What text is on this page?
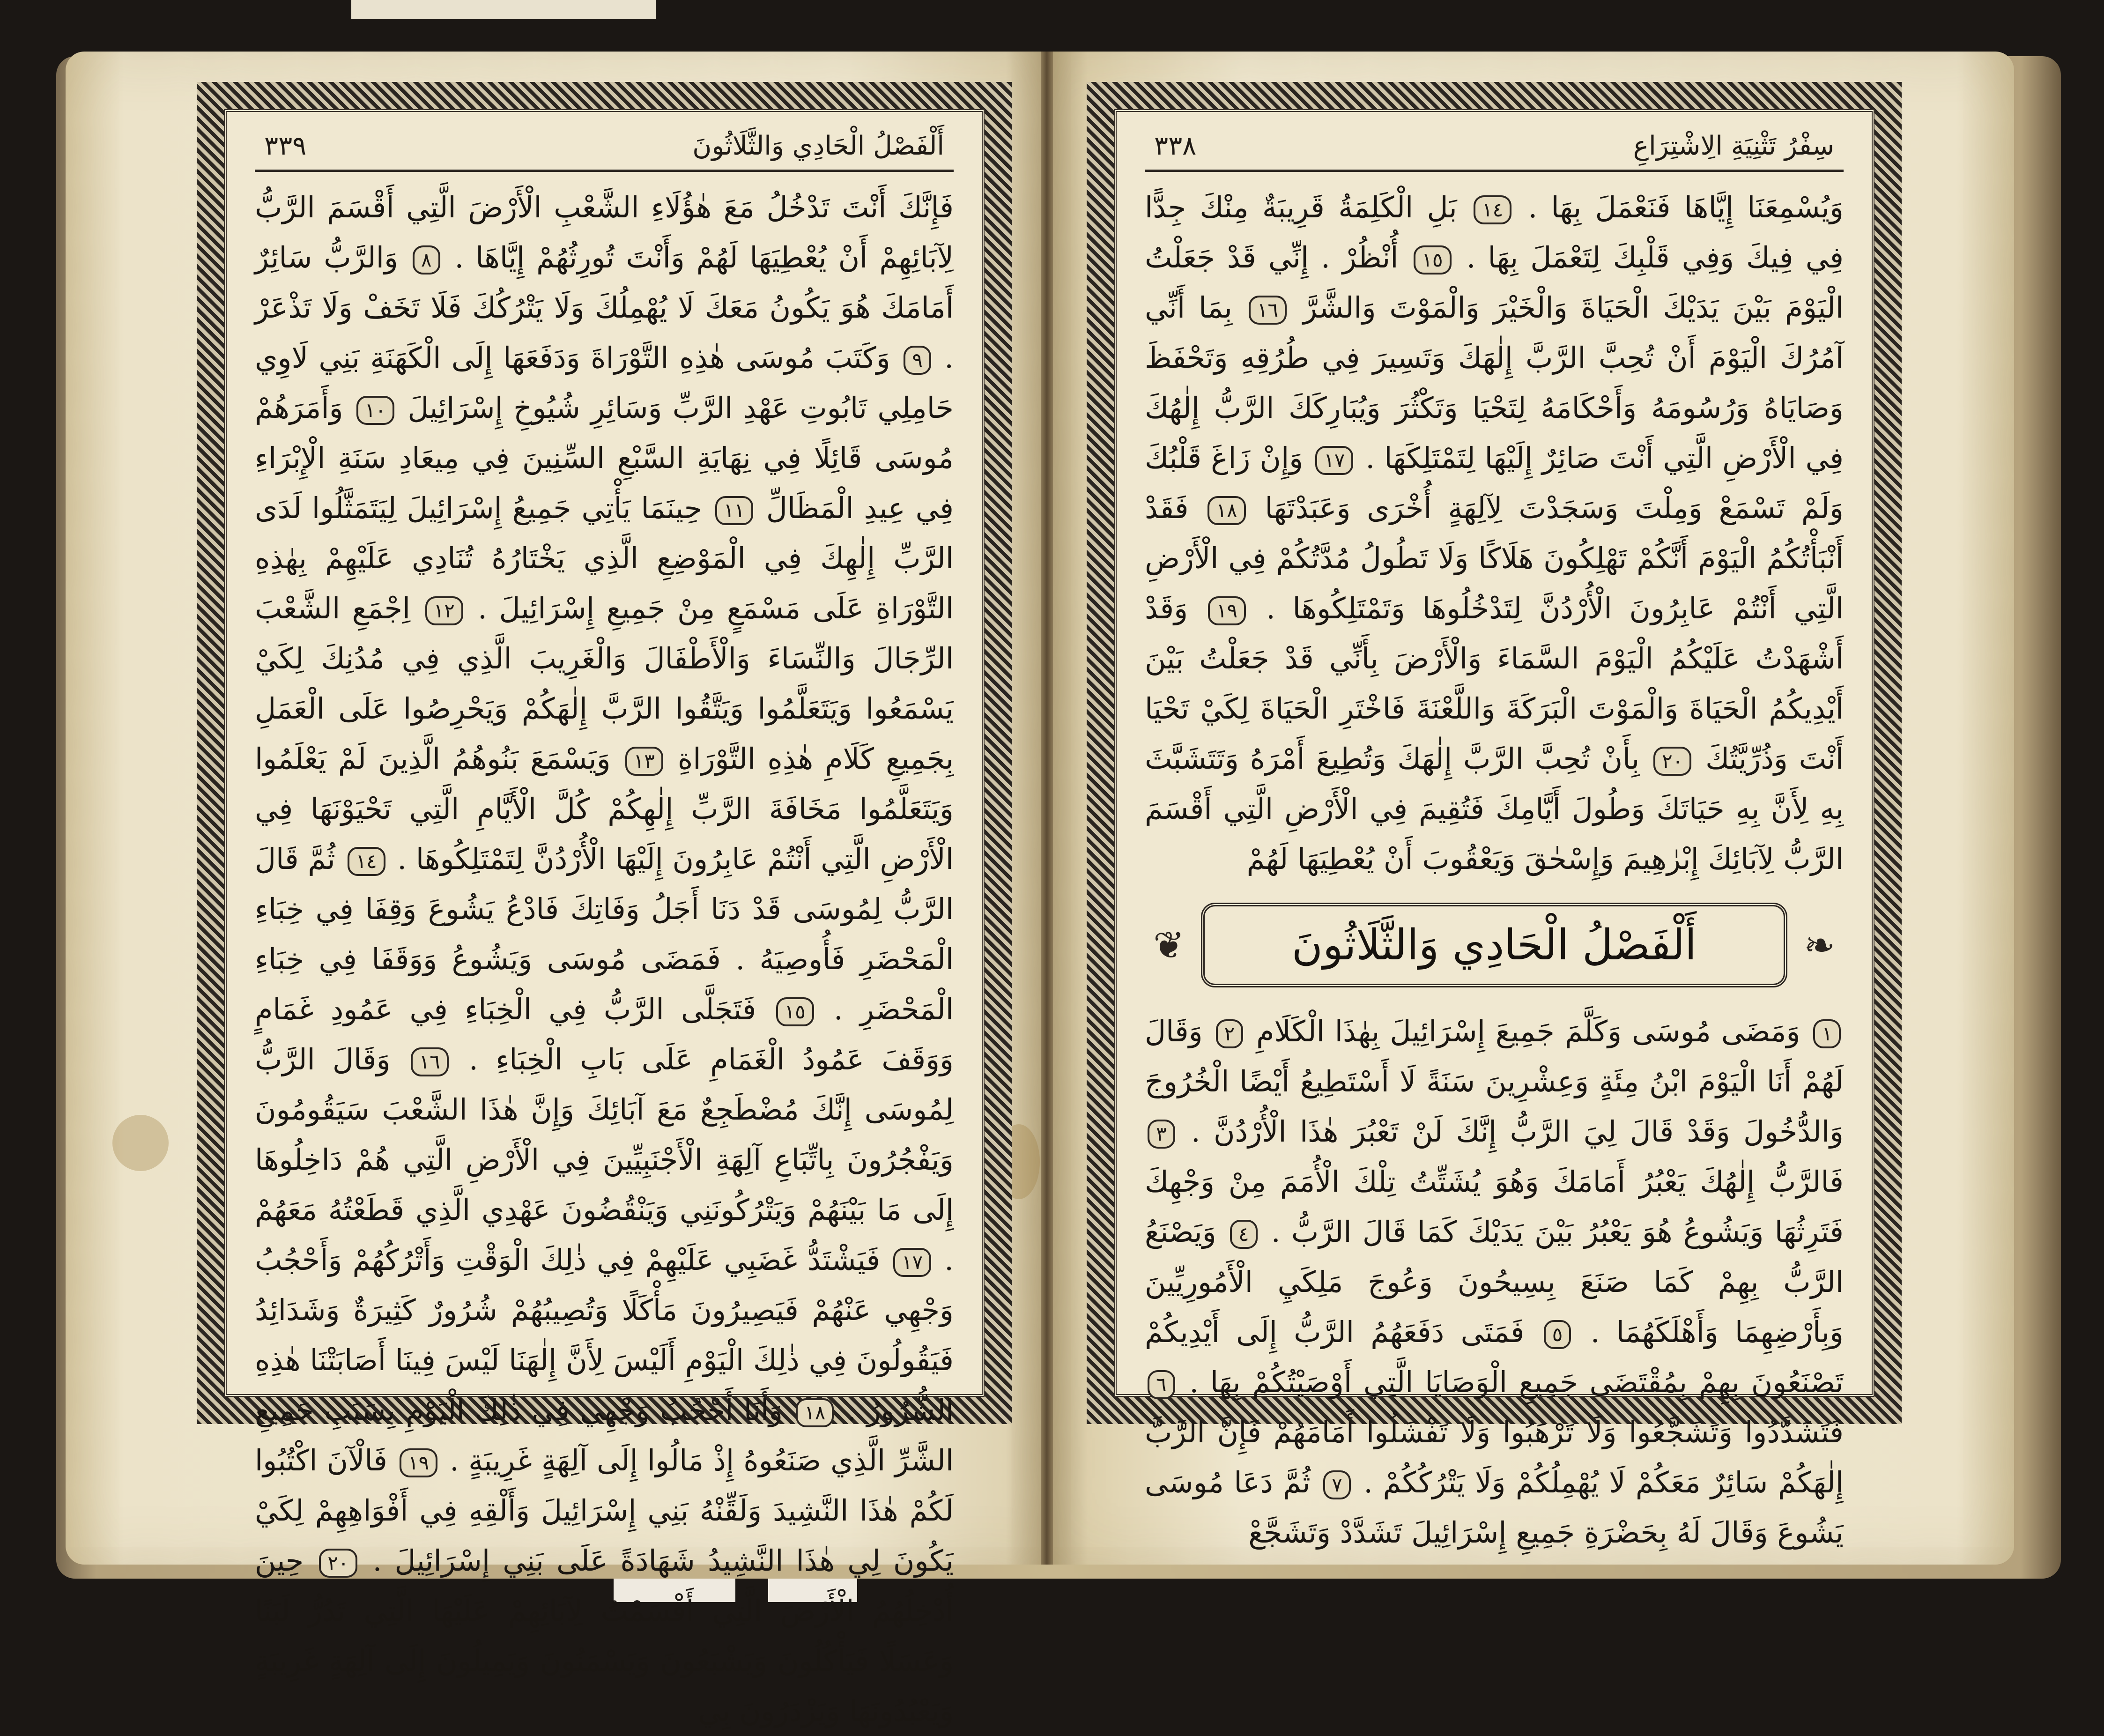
أَلْفَصْلُ الْحَادِي وَالثَّلَاثُونَ
٣٣٩
فَإِنَّكَ أَنْتَ تَدْخُلُ مَعَ هٰؤُلَاءِ الشَّعْبِ الْأَرْضَ الَّتِي أَقْسَمَ الرَّبُّ لِآبَائِهِمْ أَنْ يُعْطِيَهَا لَهُمْ وَأَنْتَ تُورِثُهُمْ إِيَّاهَا . ٨ وَالرَّبُّ سَائِرٌ أَمَامَكَ هُوَ يَكُونُ مَعَكَ لَا يُهْمِلُكَ وَلَا يَتْرُكُكَ فَلَا تَخَفْ وَلَا تَذْعَرْ . ٩ وَكَتَبَ مُوسَى هٰذِهِ التَّوْرَاةَ وَدَفَعَهَا إِلَى الْكَهَنَةِ بَنِي لَاوِي حَامِلِي تَابُوتِ عَهْدِ الرَّبِّ وَسَائِرِ شُيُوخِ إِسْرَائِيلَ ١٠ وَأَمَرَهُمْ مُوسَى قَائِلًا فِي نِهَايَةِ السَّبْعِ السِّنِينَ فِي مِيعَادِ سَنَةِ الْإِبْرَاءِ فِي عِيدِ الْمَظَالِّ ١١ حِينَمَا يَأْتِي جَمِيعُ إِسْرَائِيلَ لِيَتَمَثَّلُوا لَدَى الرَّبِّ إِلٰهِكَ فِي الْمَوْضِعِ الَّذِي يَخْتَارُهُ تُنَادِي عَلَيْهِمْ بِهٰذِهِ التَّوْرَاةِ عَلَى مَسْمَعٍ مِنْ جَمِيعِ إِسْرَائِيلَ . ١٢ اِجْمَعِ الشَّعْبَ الرِّجَالَ وَالنِّسَاءَ وَالْأَطْفَالَ وَالْغَرِيبَ الَّذِي فِي مُدُنِكَ لِكَيْ يَسْمَعُوا وَيَتَعَلَّمُوا وَيَتَّقُوا الرَّبَّ إِلٰهَكُمْ وَيَحْرِصُوا عَلَى الْعَمَلِ بِجَمِيعِ كَلَامِ هٰذِهِ التَّوْرَاةِ ١٣ وَيَسْمَعَ بَنُوهُمُ الَّذِينَ لَمْ يَعْلَمُوا وَيَتَعَلَّمُوا مَخَافَةَ الرَّبِّ إِلٰهِكُمْ كُلَّ الْأَيَّامِ الَّتِي تَحْيَوْنَهَا فِي الْأَرْضِ الَّتِي أَنْتُمْ عَابِرُونَ إِلَيْهَا الْأُرْدُنَّ لِتَمْتَلِكُوهَا . ١٤ ثُمَّ قَالَ الرَّبُّ لِمُوسَى قَدْ دَنَا أَجَلُ وَفَاتِكَ فَادْعُ يَشُوعَ وَقِفَا فِي خِبَاءِ الْمَحْضَرِ فَأُوصِيَهُ . فَمَضَى مُوسَى وَيَشُوعُ وَوَقَفَا فِي خِبَاءِ الْمَحْضَرِ . ١٥ فَتَجَلَّى الرَّبُّ فِي الْخِبَاءِ فِي عَمُودِ غَمَامٍ وَوَقَفَ عَمُودُ الْغَمَامِ عَلَى بَابِ الْخِبَاءِ . ١٦ وَقَالَ الرَّبُّ لِمُوسَى إِنَّكَ مُضْطَجِعٌ مَعَ آبَائِكَ وَإِنَّ هٰذَا الشَّعْبَ سَيَقُومُونَ وَيَفْجُرُونَ بِاتِّبَاعِ آلِهَةِ الْأَجْنَبِيِّينَ فِي الْأَرْضِ الَّتِي هُمْ دَاخِلُوهَا إِلَى مَا بَيْنَهُمْ وَيَتْرُكُونَنِي وَيَنْقُضُونَ عَهْدِي الَّذِي قَطَعْتُهُ مَعَهُمْ . ١٧ فَيَشْتَدُّ غَضَبِي عَلَيْهِمْ فِي ذٰلِكَ الْوَقْتِ وَأَتْرُكُهُمْ وَأَحْجُبُ وَجْهِي عَنْهُمْ فَيَصِيرُونَ مَأْكَلًا وَتُصِيبُهُمْ شُرُورٌ كَثِيرَةٌ وَشَدَائِدُ فَيَقُولُونَ فِي ذٰلِكَ الْيَوْمِ أَلَيْسَ لِأَنَّ إِلٰهَنَا لَيْسَ فِينَا أَصَابَتْنَا هٰذِهِ الشُّرُورُ . ١٨ وَأَنَا أَحْجُبُ وَجْهِي فِي ذٰلِكَ الْيَوْمِ بِسَبَبِ جَمِيعِ الشَّرِّ الَّذِي صَنَعُوهُ إِذْ مَالُوا إِلَى آلِهَةٍ غَرِيبَةٍ . ١٩ فَالْآنَ اكْتُبُوا لَكُمْ هٰذَا النَّشِيدَ وَلَقِّنْهُ بَنِي إِسْرَائِيلَ وَأَلْقِهِ فِي أَفْوَاهِهِمْ لِكَيْ يَكُونَ لِي هٰذَا النَّشِيدُ شَهَادَةً عَلَى بَنِي إِسْرَائِيلَ . ٢٠ حِينَ أُدْخِلُهُمُ الْأَرْضَ الَّتِي أَقْسَمْتُ لِآبَائِهِمْ عَلَيْهَا الَّتِي تَدُرُّ لَبَنًا وَعَسَلًا فَيَأْكُلُونَ وَيَشْبَعُونَ وَيَسْمَنُونَ وَيَمِيلُونَ إِلَى آلِهَةٍ غَرِيبَةٍ وَيَعْبُدُونَهَا وَيَزْدَرُونَ بِي
سِفْرُ تَثْنِيَةِ الِاشْتِرَاعِ
٣٣٨
وَيُسْمِعَنَا إِيَّاهَا فَنَعْمَلَ بِهَا . ١٤ بَلِ الْكَلِمَةُ قَرِيبَةٌ مِنْكَ جِدًّا فِي فِيكَ وَفِي قَلْبِكَ لِتَعْمَلَ بِهَا . ١٥ أُنْظُرْ . إِنِّي قَدْ جَعَلْتُ الْيَوْمَ بَيْنَ يَدَيْكَ الْحَيَاةَ وَالْخَيْرَ وَالْمَوْتَ وَالشَّرَّ ١٦ بِمَا أَنِّي آمُرُكَ الْيَوْمَ أَنْ تُحِبَّ الرَّبَّ إِلٰهَكَ وَتَسِيرَ فِي طُرُقِهِ وَتَحْفَظَ وَصَايَاهُ وَرُسُومَهُ وَأَحْكَامَهُ لِتَحْيَا وَتَكْثُرَ وَيُبَارِكَكَ الرَّبُّ إِلٰهُكَ فِي الْأَرْضِ الَّتِي أَنْتَ صَائِرٌ إِلَيْهَا لِتَمْتَلِكَهَا . ١٧ وَإِنْ زَاغَ قَلْبُكَ وَلَمْ تَسْمَعْ وَمِلْتَ وَسَجَدْتَ لِآلِهَةٍ أُخْرَى وَعَبَدْتَهَا ١٨ فَقَدْ أَنْبَأْتُكُمُ الْيَوْمَ أَنَّكُمْ تَهْلِكُونَ هَلَاكًا وَلَا تَطُولُ مُدَّتُكُمْ فِي الْأَرْضِ الَّتِي أَنْتُمْ عَابِرُونَ الْأُرْدُنَّ لِتَدْخُلُوهَا وَتَمْتَلِكُوهَا . ١٩ وَقَدْ أَشْهَدْتُ عَلَيْكُمُ الْيَوْمَ السَّمَاءَ وَالْأَرْضَ بِأَنِّي قَدْ جَعَلْتُ بَيْنَ أَيْدِيكُمُ الْحَيَاةَ وَالْمَوْتَ الْبَرَكَةَ وَاللَّعْنَةَ فَاخْتَرِ الْحَيَاةَ لِكَيْ تَحْيَا أَنْتَ وَذُرِّيَّتُكَ ٢٠ بِأَنْ تُحِبَّ الرَّبَّ إِلٰهَكَ وَتُطِيعَ أَمْرَهُ وَتَتَشَبَّثَ بِهِ لِأَنَّ بِهِ حَيَاتَكَ وَطُولَ أَيَّامِكَ فَتُقِيمَ فِي الْأَرْضِ الَّتِي أَقْسَمَ الرَّبُّ لِآبَائِكَ إِبْرٰهِيمَ وَإِسْحٰقَ وَيَعْقُوبَ أَنْ يُعْطِيَهَا لَهُمْ
❦	أَلْفَصْلُ الْحَادِي وَالثَّلَاثُونَ	❧
١ وَمَضَى مُوسَى وَكَلَّمَ جَمِيعَ إِسْرَائِيلَ بِهٰذَا الْكَلَامِ ٢ وَقَالَ لَهُمْ أَنَا الْيَوْمَ ابْنُ مِئَةٍ وَعِشْرِينَ سَنَةً لَا أَسْتَطِيعُ أَيْضًا الْخُرُوجَ وَالدُّخُولَ وَقَدْ قَالَ لِيَ الرَّبُّ إِنَّكَ لَنْ تَعْبُرَ هٰذَا الْأُرْدُنَّ . ٣ فَالرَّبُّ إِلٰهُكَ يَعْبُرُ أَمَامَكَ وَهُوَ يُشَتِّتُ تِلْكَ الْأُمَمَ مِنْ وَجْهِكَ فَتَرِثُهَا وَيَشُوعُ هُوَ يَعْبُرُ بَيْنَ يَدَيْكَ كَمَا قَالَ الرَّبُّ . ٤ وَيَصْنَعُ الرَّبُّ بِهِمْ كَمَا صَنَعَ بِسِيحُونَ وَعُوجَ مَلِكَيِ الْأَمُورِيِّينَ وَبِأَرْضِهِمَا وَأَهْلَكَهُمَا . ٥ فَمَتَى دَفَعَهُمُ الرَّبُّ إِلَى أَيْدِيكُمْ تَصْنَعُونَ بِهِمْ بِمُقْتَضَى جَمِيعِ الْوَصَايَا الَّتِي أَوْصَيْتُكُمْ بِهَا . ٦ فَتَشَدَّدُوا وَتَشَجَّعُوا وَلَا تَرْهَبُوا وَلَا تَفْشَلُوا أَمَامَهُمْ فَإِنَّ الرَّبَّ إِلٰهَكُمْ سَائِرٌ مَعَكُمْ لَا يُهْمِلُكُمْ وَلَا يَتْرُكُكُمْ . ٧ ثُمَّ دَعَا مُوسَى يَشُوعَ وَقَالَ لَهُ بِحَضْرَةِ جَمِيعِ إِسْرَائِيلَ تَشَدَّدْ وَتَشَجَّعْ
